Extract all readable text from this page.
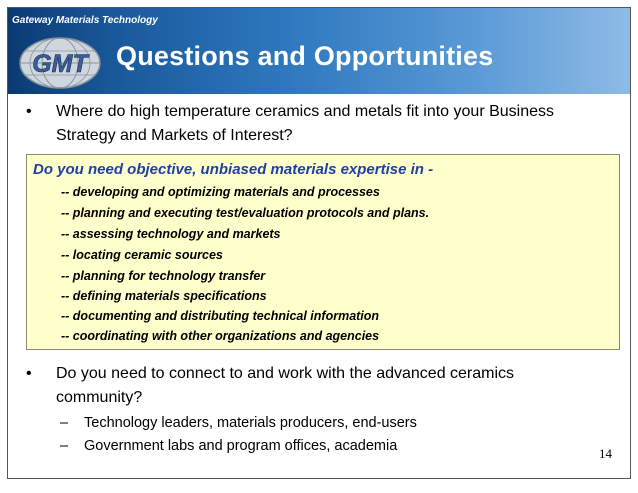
Gateway Materials Technology
GMT Questions and Opportunities
• Where do high temperature ceramics and metals fit into your Business
Strategy and Markets of Interest?
Do you need objective, unbiased materials expertise in -
-- developing and optimizing materials and processes
-- planning and executing test/evaluation protocols and plans.
-- assessing technology and markets
-- locating ceramic sources
-- planning for technology transfer
-- defining materials specifications
-- documenting and distributing technical information
-- coordinating with other organizations and agencies
• Do you need to connect to and work with the advanced ceramics
community?
– Technology leaders, materials producers, end-users
– Government labs and program offices, academia	14
